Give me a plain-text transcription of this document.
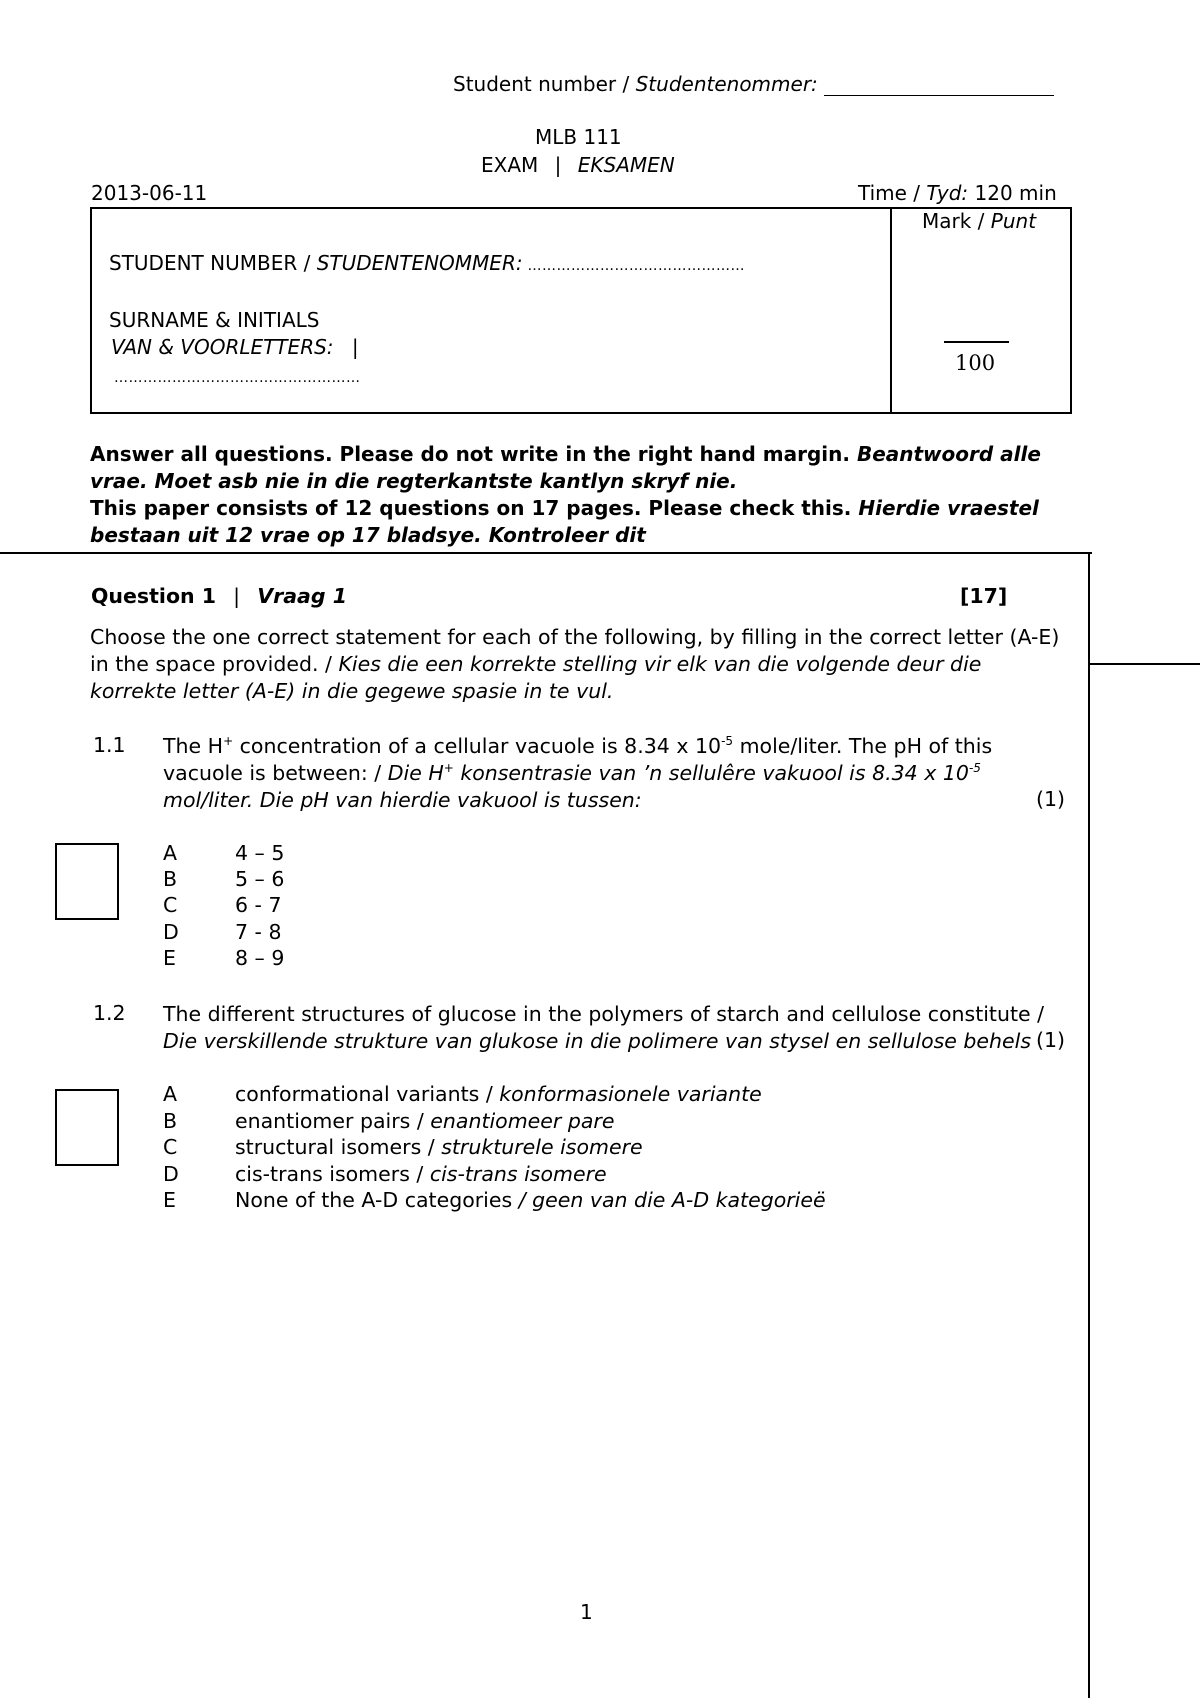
Student number / Studentenommer:
MLB 111
EXAM | EKSAMEN
2013-06-11	Time / Tyd: 120 min
STUDENT NUMBER / STUDENTENOMMER: ………………………………………
SURNAME & INITIALS
VAN & VOORLETTERS: |
……………………………………………
Mark / Punt
100
Answer all questions. Please do not write in the right hand margin. Beantwoord alle vrae. Moet asb nie in die regterkantste kantlyn skryf nie.
This paper consists of 12 questions on 17 pages. Please check this. Hierdie vraestel bestaan uit 12 vrae op 17 bladsye. Kontroleer dit
Question 1 | Vraag 1	[17]
Choose the one correct statement for each of the following, by filling in the correct letter (A-E) in the space provided. / Kies die een korrekte stelling vir elk van die volgende deur die korrekte letter (A-E) in die gegewe spasie in te vul.
1.1 The H+ concentration of a cellular vacuole is 8.34 x $10^{-5}$ mole/liter. The pH of this vacuole is between: / Die H+ konsentrasie van ’n sellulêre vakuool is 8.34 x $10^{-5}$ mol/liter. Die pH van hierdie vakuool is tussen:	(1)
A	4 – 5
B	5 – 6
C	6 - 7
D	7 - 8
E	8 – 9
1.2 The different structures of glucose in the polymers of starch and cellulose constitute / Die verskillende strukture van glukose in die polimere van stysel en sellulose behels (1)
A	conformational variants / konformasionele variante
B	enantiomer pairs / enantiomeer pare
C	structural isomers / strukturele isomere
D	cis-trans isomers / cis-trans isomere
E	None of the A-D categories / geen van die A-D kategorieë
1
